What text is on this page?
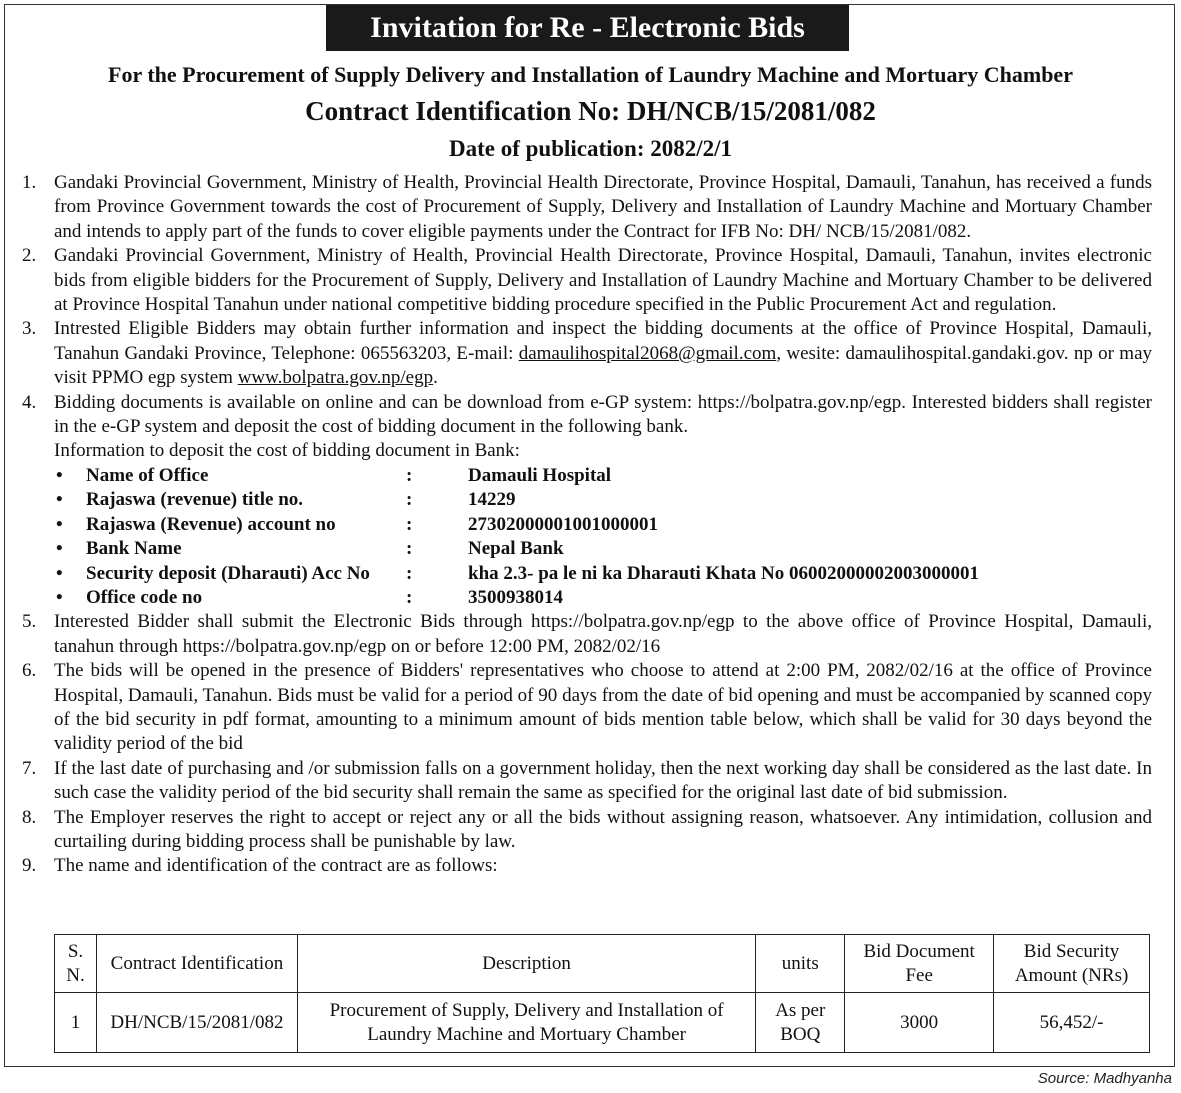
Invitation for Re - Electronic Bids
For the Procurement of Supply Delivery and Installation of Laundry Machine and Mortuary Chamber
Contract Identification No: DH/NCB/15/2081/082
Date of publication: 2082/2/1
1. Gandaki Provincial Government, Ministry of Health, Provincial Health Directorate, Province Hospital, Damauli, Tanahun, has received a funds from Province Government towards the cost of Procurement of Supply, Delivery and Installation of Laundry Machine and Mortuary Chamber and intends to apply part of the funds to cover eligible payments under the Contract for IFB No: DH/ NCB/15/2081/082.
2. Gandaki Provincial Government, Ministry of Health, Provincial Health Directorate, Province Hospital, Damauli, Tanahun, invites electronic bids from eligible bidders for the Procurement of Supply, Delivery and Installation of Laundry Machine and Mortuary Chamber to be delivered at Province Hospital Tanahun under national competitive bidding procedure specified in the Public Procurement Act and regulation.
3. Intrested Eligible Bidders may obtain further information and inspect the bidding documents at the office of Province Hospital, Damauli, Tanahun Gandaki Province, Telephone: 065563203, E-mail: damaulihospital2068@gmail.com, wesite: damaulihospital.gandaki.gov. np or may visit PPMO egp system www.bolpatra.gov.np/egp.
4. Bidding documents is available on online and can be download from e-GP system: https://bolpatra.gov.np/egp. Interested bidders shall register in the e-GP system and deposit the cost of bidding document in the following bank.
Information to deposit the cost of bidding document in Bank:
•	Name of Office	:	Damauli Hospital
•	Rajaswa (revenue) title no.	:	14229
•	Rajaswa (Revenue) account no	:	27302000001001000001
•	Bank Name	:	Nepal Bank
•	Security deposit (Dharauti) Acc No	:	kha 2.3- pa le ni ka Dharauti Khata No 06002000002003000001
•	Office code no	:	3500938014
5. Interested Bidder shall submit the Electronic Bids through https://bolpatra.gov.np/egp to the above office of Province Hospital, Damauli, tanahun through https://bolpatra.gov.np/egp on or before 12:00 PM, 2082/02/16
6. The bids will be opened in the presence of Bidders' representatives who choose to attend at 2:00 PM, 2082/02/16 at the office of Province Hospital, Damauli, Tanahun. Bids must be valid for a period of 90 days from the date of bid opening and must be accompanied by scanned copy of the bid security in pdf format, amounting to a minimum amount of bids mention table below, which shall be valid for 30 days beyond the validity period of the bid
7. If the last date of purchasing and /or submission falls on a government holiday, then the next working day shall be considered as the last date. In such case the validity period of the bid security shall remain the same as specified for the original last date of bid submission.
8. The Employer reserves the right to accept or reject any or all the bids without assigning reason, whatsoever. Any intimidation, collusion and curtailing during bidding process shall be punishable by law.
9. The name and identification of the contract are as follows:
S.
N.	Contract Identification	Description	units	Bid Document Fee	Bid Security Amount (NRs)
1	DH/NCB/15/2081/082	Procurement of Supply, Delivery and Installation of Laundry Machine and Mortuary Chamber	As per BOQ	3000	56,452/-
Source: Madhyanha
